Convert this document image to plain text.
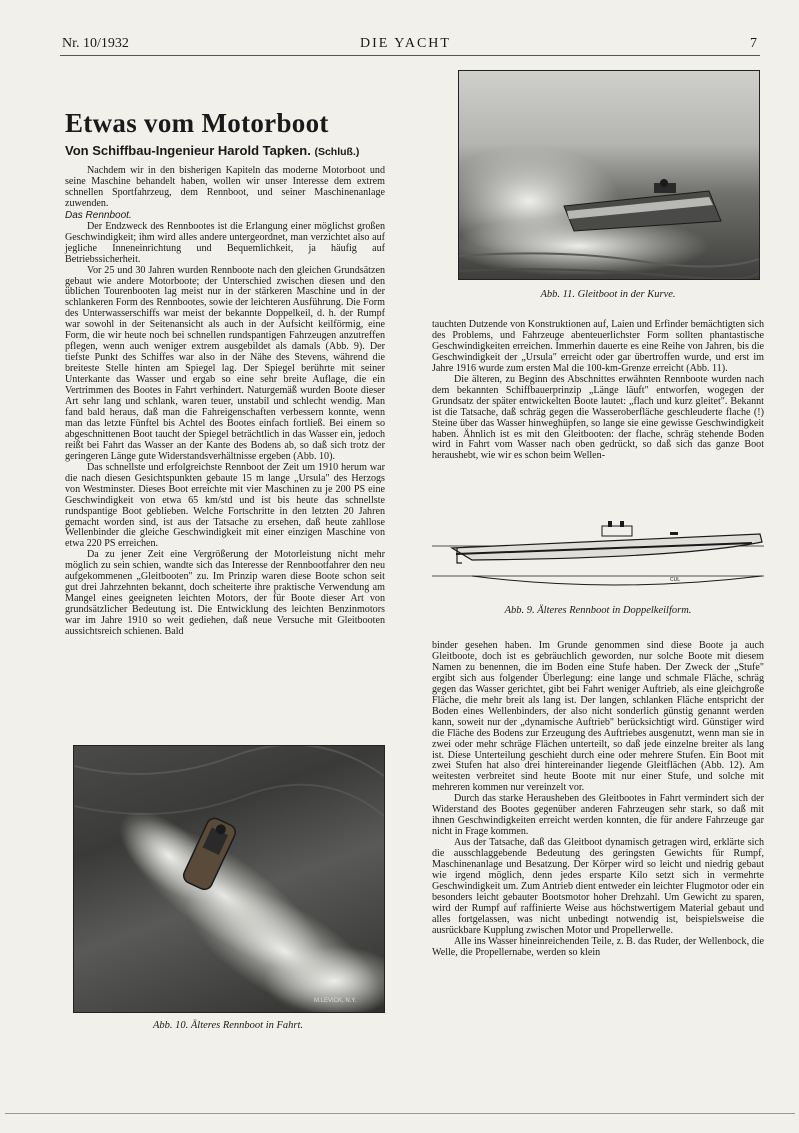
Nr. 10/1932	DIE YACHT	7
Etwas vom Motorboot
Von Schiffbau-Ingenieur Harold Tapken. (Schluß.)

Nachdem wir in den bisherigen Kapiteln das moderne Motorboot und seine Maschine behandelt haben, wollen wir unser Interesse dem extrem schnellen Sportfahrzeug, dem Rennboot, und seiner Maschinenanlage zuwenden.

Das Rennboot.

Der Endzweck des Rennbootes ist die Erlangung einer möglichst großen Geschwindigkeit; ihm wird alles andere untergeordnet, man verzichtet also auf jegliche Inneneinrichtung und Bequemlichkeit, ja häufig auf Betriebssicherheit.

Vor 25 und 30 Jahren wurden Rennboote nach den gleichen Grundsätzen gebaut wie andere Motorboote; der Unterschied zwischen diesen und den üblichen Tourenbooten lag meist nur in der stärkeren Maschine und in der schlankeren Form des Rennbootes, sowie der leichteren Ausführung. Die Form des Unterwasserschiffs war meist der bekannte Doppelkeil, d. h. der Rumpf war sowohl in der Seitenansicht als auch in der Aufsicht keilförmig, eine Form, die wir heute noch bei schnellen rundspantigen Fahrzeugen anzutreffen pflegen, wenn auch weniger extrem ausgebildet als damals (Abb. 9). Der tiefste Punkt des Schiffes war also in der Nähe des Stevens, während die breiteste Stelle hinten am Spiegel lag. Der Spiegel berührte mit seiner Unterkante das Wasser und ergab so eine sehr breite Auflage, die ein Vertrimmen des Bootes in Fahrt verhindert. Naturgemäß wurden Boote dieser Art sehr lang und schlank, waren teuer, unstabil und schlecht wendig. Man fand bald heraus, daß man die Fahreigenschaften verbessern konnte, wenn man das letzte Fünftel bis Achtel des Bootes einfach fortließ. Bei einem so abgeschnittenen Boot taucht der Spiegel beträchtlich in das Wasser ein, jedoch reißt bei Fahrt das Wasser an der Kante des Bodens ab, so daß sich trotz der geringeren Länge gute Widerstandsverhältnisse ergeben (Abb. 10).

Das schnellste und erfolgreichste Rennboot der Zeit um 1910 herum war die nach diesen Gesichtspunkten gebaute 15 m lange „Ursula" des Herzogs von Westminster. Dieses Boot erreichte mit vier Maschinen zu je 200 PS eine Geschwindigkeit von etwa 65 km/std und ist bis heute das schnellste rundspantige Boot geblieben. Welche Fortschritte in den letzten 20 Jahren gemacht worden sind, ist aus der Tatsache zu ersehen, daß heute zahllose Wellenbinder die gleiche Geschwindigkeit mit einer einzigen Maschine von etwa 220 PS erreichen.

Da zu jener Zeit eine Vergrößerung der Motorleistung nicht mehr möglich zu sein schien, wandte sich das Interesse der Rennbootfahrer den neu aufgekommenen „Gleitbooten" zu. Im Prinzip waren diese Boote schon seit gut drei Jahrzehnten bekannt, doch scheiterte ihre praktische Verwendung am Mangel eines geeigneten leichten Motors, der für Boote dieser Art von grundsätzlicher Bedeutung ist. Die Entwicklung des leichten Benzinmotors war im Jahre 1910 so weit gediehen, daß neue Versuche mit Gleitbooten aussichtsreich schienen. Bald

M.LEVICK, N.Y.
Abb. 10. Älteres Rennboot in Fahrt.
Abb. 11. Gleitboot in der Kurve.

tauchten Dutzende von Konstruktionen auf, Laien und Erfinder bemächtigten sich des Problems, und Fahrzeuge abenteuerlichster Form sollten phantastische Geschwindigkeiten erreichen. Immerhin dauerte es eine Reihe von Jahren, bis die Geschwindigkeit der „Ursula" erreicht oder gar übertroffen wurde, und erst im Jahre 1916 wurde zum ersten Mal die 100-km-Grenze erreicht (Abb. 11).

Die älteren, zu Beginn des Abschnittes erwähnten Rennboote wurden nach dem bekannten Schiffbauerprinzip „Länge läuft" entworfen, wogegen der Grundsatz der später entwickelten Boote lautet: „flach und kurz gleitet". Bekannt ist die Tatsache, daß schräg gegen die Wasseroberfläche geschleuderte flache (!) Steine über das Wasser hinweghüpfen, so lange sie eine gewisse Geschwindigkeit haben. Ähnlich ist es mit den Gleitbooten: der flache, schräg stehende Boden wird in Fahrt vom Wasser nach oben gedrückt, so daß sich das ganze Boot heraushebt, wie wir es schon beim Wellen-

CUL
Abb. 9. Älteres Rennboot in Doppelkeilform.

binder gesehen haben. Im Grunde genommen sind diese Boote ja auch Gleitboote, doch ist es gebräuchlich geworden, nur solche Boote mit diesem Namen zu benennen, die im Boden eine Stufe haben. Der Zweck der „Stufe" ergibt sich aus folgender Überlegung: eine lange und schmale Fläche, schräg gegen das Wasser gerichtet, gibt bei Fahrt weniger Auftrieb, als eine gleichgroße Fläche, die mehr breit als lang ist. Der langen, schlanken Fläche entspricht der Boden eines Wellenbinders, der also nicht sonderlich günstig genannt werden kann, soweit nur der „dynamische Auftrieb" berücksichtigt wird. Günstiger wird die Fläche des Bodens zur Erzeugung des Auftriebes ausgenutzt, wenn man sie in zwei oder mehr schräge Flächen unterteilt, so daß jede einzelne breiter als lang ist. Diese Unterteilung geschieht durch eine oder mehrere Stufen. Ein Boot mit zwei Stufen hat also drei hintereinander liegende Gleitflächen (Abb. 12). Am weitesten verbreitet sind heute Boote mit nur einer Stufe, und solche mit mehreren kommen nur vereinzelt vor.

Durch das starke Herausheben des Gleitbootes in Fahrt vermindert sich der Widerstand des Bootes gegenüber anderen Fahrzeugen sehr stark, so daß mit ihnen Geschwindigkeiten erreicht werden konnten, die für andere Fahrzeuge gar nicht in Frage kommen.

Aus der Tatsache, daß das Gleitboot dynamisch getragen wird, erklärte sich die ausschlaggebende Bedeutung des geringsten Gewichts für Rumpf, Maschinenanlage und Besatzung. Der Körper wird so leicht und niedrig gebaut wie irgend möglich, denn jedes ersparte Kilo setzt sich in vermehrte Geschwindigkeit um. Zum Antrieb dient entweder ein leichter Flugmotor oder ein besonders leicht gebauter Bootsmotor hoher Drehzahl. Um Gewicht zu sparen, wird der Rumpf auf raffinierte Weise aus höchstwertigem Material gebaut und alles fortgelassen, was nicht unbedingt notwendig ist, beispielsweise die ausrückbare Kupplung zwischen Motor und Propellerwelle.

Alle ins Wasser hineinreichenden Teile, z. B. das Ruder, der Wellenbock, die Welle, die Propellernabe, werden so klein
